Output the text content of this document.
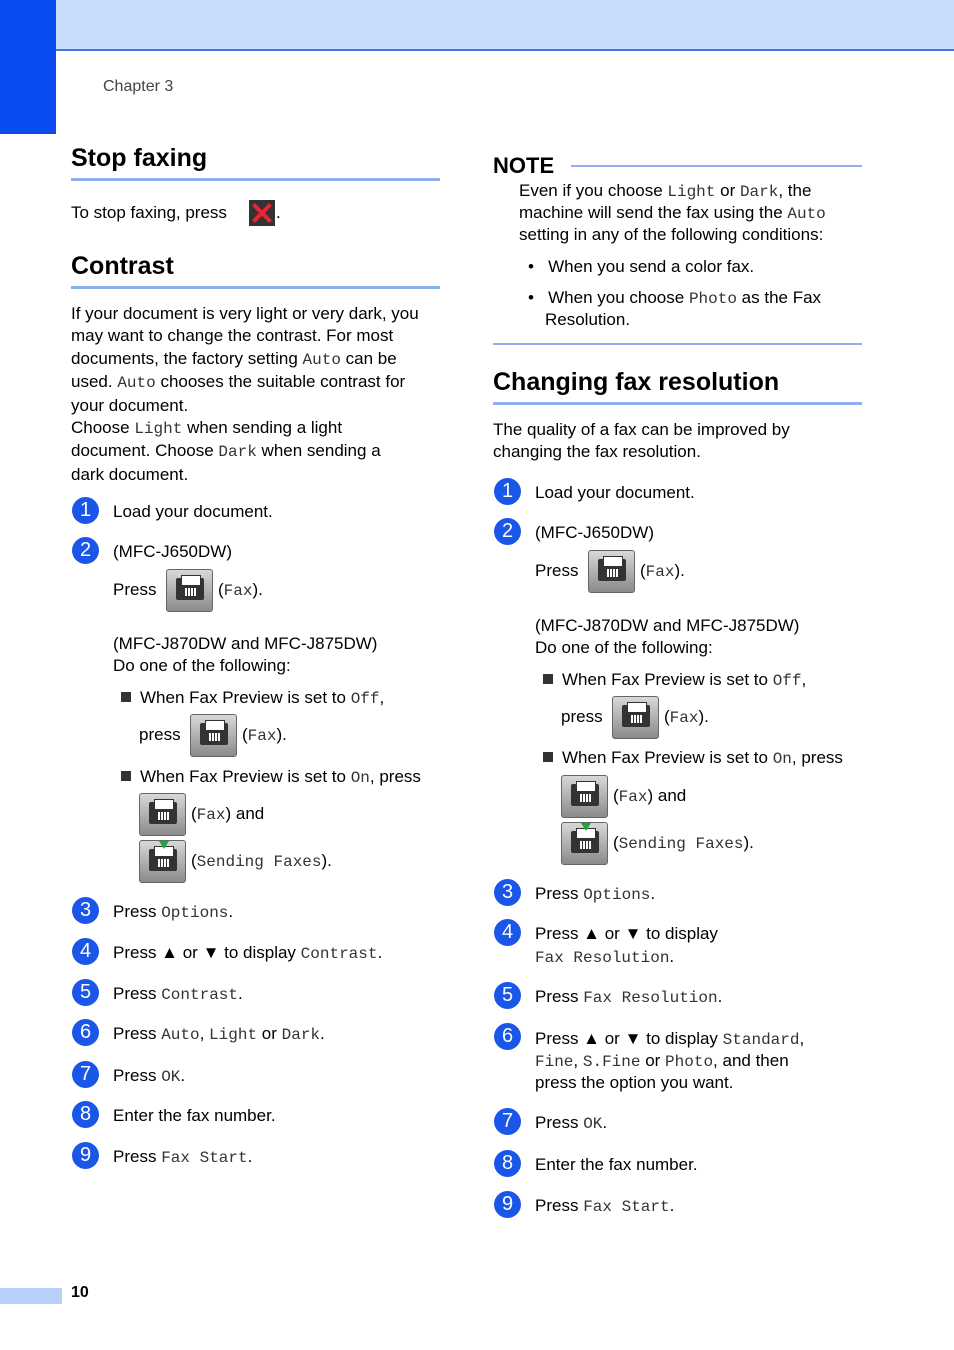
Chapter 3
Stop faxing
To stop faxing, press	.
Contrast
If your document is very light or very dark, you
may want to change the contrast. For most
documents, the factory setting Auto can be
used. Auto chooses the suitable contrast for
your document.
Choose Light when sending a light
document. Choose Dark when sending a
dark document.
1	Load your document.
2	(MFC-J650DW)
Press	(Fax).
(MFC-J870DW and MFC-J875DW)
Do one of the following:
When Fax Preview is set to Off,
press	(Fax).
When Fax Preview is set to On, press
(Fax) and
(Sending Faxes).
3	Press Options.
4	Press ▲ or ▼ to display Contrast.
5	Press Contrast.
6	Press Auto, Light or Dark.
7	Press OK.
8	Enter the fax number.
9	Press Fax Start.
NOTE
Even if you choose Light or Dark, the
machine will send the fax using the Auto
setting in any of the following conditions:
•   When you send a color fax.
•   When you choose Photo as the Fax
Resolution.
Changing fax resolution
The quality of a fax can be improved by
changing the fax resolution.
1	Load your document.
2	(MFC-J650DW)
Press	(Fax).
(MFC-J870DW and MFC-J875DW)
Do one of the following:
When Fax Preview is set to Off,
press	(Fax).
When Fax Preview is set to On, press
(Fax) and
(Sending Faxes).
3	Press Options.
4	Press ▲ or ▼ to display
Fax Resolution.
5	Press Fax Resolution.
6	Press ▲ or ▼ to display Standard,
Fine, S.Fine or Photo, and then
press the option you want.
7	Press OK.
8	Enter the fax number.
9	Press Fax Start.
10
